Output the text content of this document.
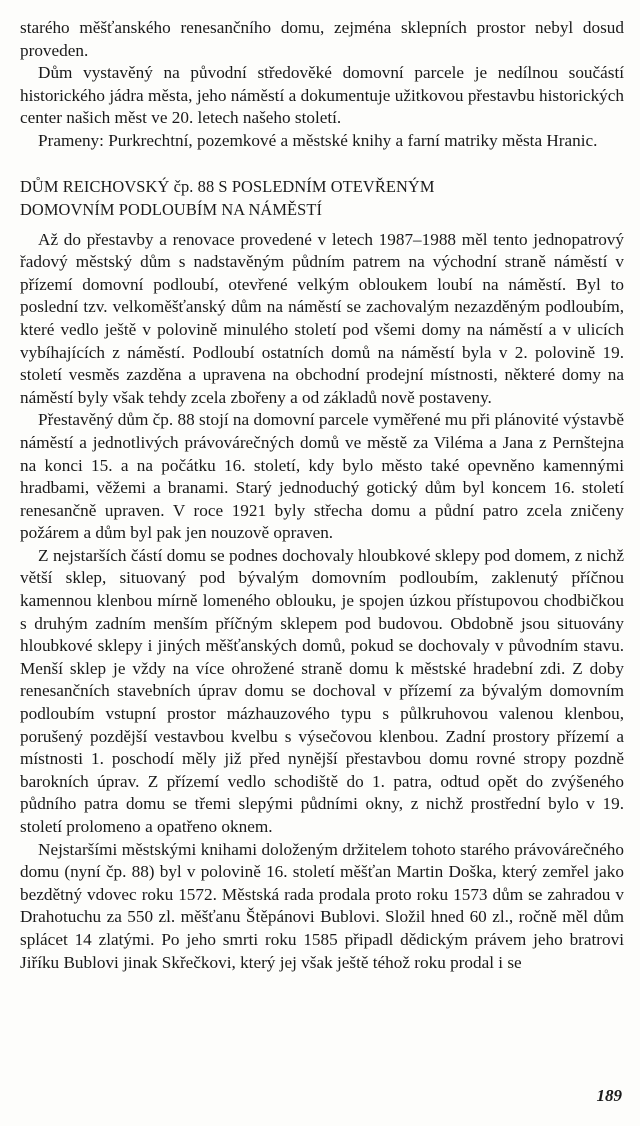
starého měšťanského renesančního domu, zejména sklepních prostor nebyl dosud proveden.

Dům vystavěný na původní středověké domovní parcele je nedílnou součástí historického jádra města, jeho náměstí a dokumentuje užitkovou přestavbu historických center našich měst ve 20. letech našeho století.

Prameny: Purkrechtní, pozemkové a městské knihy a farní matriky města Hranic.

DŮM REICHOVSKÝ čp. 88 S POSLEDNÍM OTEVŘENÝM
DOMOVNÍM PODLOUBÍM NA NÁMĚSTÍ

Až do přestavby a renovace provedené v letech 1987–1988 měl tento jednopatrový řadový městský dům s nadstavěným půdním patrem na východní straně náměstí v přízemí domovní podloubí, otevřené velkým obloukem loubí na náměstí. Byl to poslední tzv. velkoměšťanský dům na náměstí se zachovalým nezazděným podloubím, které vedlo ještě v polovině minulého století pod všemi domy na náměstí a v ulicích vybíhajících z náměstí. Podloubí ostatních domů na náměstí byla v 2. polovině 19. století vesměs zazděna a upravena na obchodní prodejní místnosti, některé domy na náměstí byly však tehdy zcela zbořeny a od základů nově postaveny.

Přestavěný dům čp. 88 stojí na domovní parcele vyměřené mu při plánovité výstavbě náměstí a jednotlivých právovárečných domů ve městě za Viléma a Jana z Pernštejna na konci 15. a na počátku 16. století, kdy bylo město také opevněno kamennými hradbami, věžemi a branami. Starý jednoduchý gotický dům byl koncem 16. století renesančně upraven. V roce 1921 byly střecha domu a půdní patro zcela zničeny požárem a dům byl pak jen nouzově opraven.

Z nejstarších částí domu se podnes dochovaly hloubkové sklepy pod domem, z nichž větší sklep, situovaný pod bývalým domovním podloubím, zaklenutý příčnou kamennou klenbou mírně lomeného oblouku, je spojen úzkou přístupovou chodbičkou s druhým zadním menším příčným sklepem pod budovou. Obdobně jsou situovány hloubkové sklepy i jiných měšťanských domů, pokud se dochovaly v původním stavu. Menší sklep je vždy na více ohrožené straně domu k městské hradební zdi. Z doby renesančních stavebních úprav domu se dochoval v přízemí za bývalým domovním podloubím vstupní prostor mázhauzového typu s půlkruhovou valenou klenbou, porušený pozdější vestavbou kvelbu s výsečovou klenbou. Zadní prostory přízemí a místnosti 1. poschodí měly již před nynější přestavbou domu rovné stropy pozdně barokních úprav. Z přízemí vedlo schodiště do 1. patra, odtud opět do zvýšeného půdního patra domu se třemi slepými půdními okny, z nichž prostřední bylo v 19. století prolomeno a opatřeno oknem.

Nejstaršími městskými knihami doloženým držitelem tohoto starého právovárečného domu (nyní čp. 88) byl v polovině 16. století měšťan Martin Doška, který zemřel jako bezdětný vdovec roku 1572. Městská rada prodala proto roku 1573 dům se zahradou v Drahotuchu za 550 zl. měšťanu Štěpánovi Bublovi. Složil hned 60 zl., ročně měl dům splácet 14 zlatými. Po jeho smrti roku 1585 připadl dědickým právem jeho bratrovi Jiříku Bublovi jinak Skřečkovi, který jej však ještě téhož roku prodal i se

189
